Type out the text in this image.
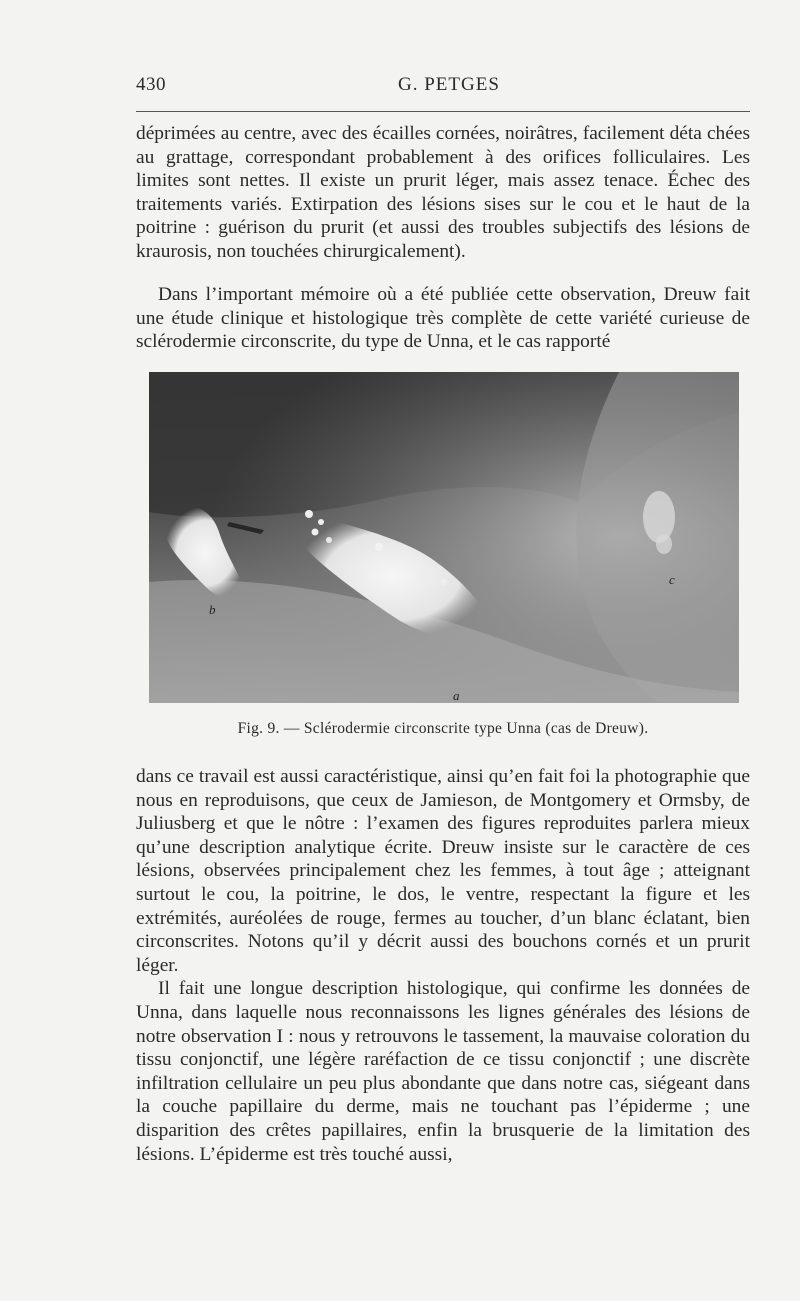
430	G. PETGES

déprimées au centre, avec des écailles cornées, noirâtres, facilement déta chées au grattage, correspondant probablement à des orifices folliculaires. Les limites sont nettes. Il existe un prurit léger, mais assez tenace. Échec des traitements variés. Extirpation des lésions sises sur le cou et le haut de la poitrine : guérison du prurit (et aussi des troubles subjectifs des lésions de kraurosis, non touchées chirurgicalement).

Dans l’important mémoire où a été publiée cette observation, Dreuw fait une étude clinique et histologique très complète de cette variété curieuse de sclérodermie circonscrite, du type de Unna, et le cas rapporté

b
a
c
Fig. 9. — Sclérodermie circonscrite type Unna (cas de Dreuw).

dans ce travail est aussi caractéristique, ainsi qu’en fait foi la photographie que nous en reproduisons, que ceux de Jamieson, de Montgomery et Ormsby, de Juliusberg et que le nôtre : l’examen des figures reproduites parlera mieux qu’une description analytique écrite. Dreuw insiste sur le caractère de ces lésions, observées principalement chez les femmes, à tout âge ; atteignant surtout le cou, la poitrine, le dos, le ventre, respectant la figure et les extrémités, auréolées de rouge, fermes au toucher, d’un blanc éclatant, bien circonscrites. Notons qu’il y décrit aussi des bouchons cornés et un prurit léger.

Il fait une longue description histologique, qui confirme les données de Unna, dans laquelle nous reconnaissons les lignes générales des lésions de notre observation I : nous y retrouvons le tassement, la mauvaise coloration du tissu conjonctif, une légère raréfaction de ce tissu conjonctif ; une discrète infiltration cellulaire un peu plus abondante que dans notre cas, siégeant dans la couche papillaire du derme, mais ne touchant pas l’épiderme ; une disparition des crêtes papillaires, enfin la brusquerie de la limitation des lésions. L’épiderme est très touché aussi,
